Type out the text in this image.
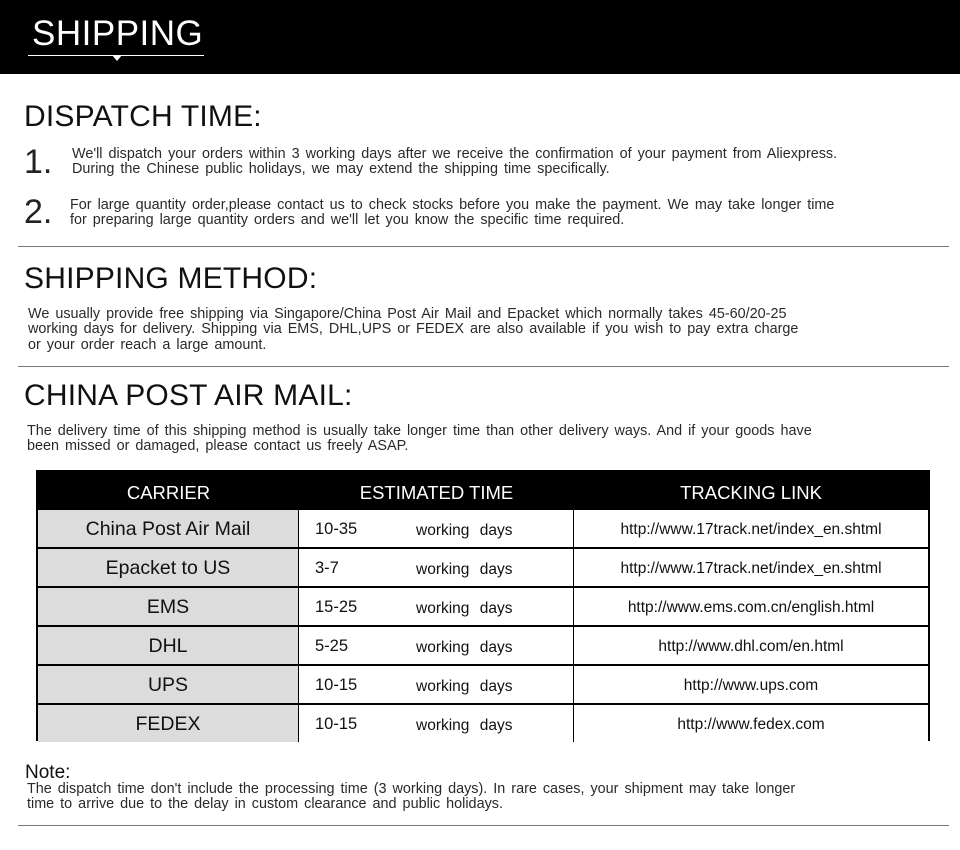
SHIPPING
DISPATCH TIME:
1. We'll dispatch your orders within 3 working days after we receive the confirmation of your payment from Aliexpress.
During the Chinese public holidays, we may extend the shipping time specifically.
2. For large quantity order,please contact us to check stocks before you make the payment. We may take longer time
for preparing large quantity orders and we'll let you know the specific time required.
SHIPPING METHOD:
We usually provide free shipping via Singapore/China Post Air Mail and Epacket which normally takes 45-60/20-25
working days for delivery. Shipping via EMS, DHL,UPS or FEDEX are also available if you wish to pay extra charge
or your order reach a large amount.
CHINA POST AIR MAIL:
The delivery time of this shipping method is usually take longer time than other delivery ways. And if your goods have
been missed or damaged, please contact us freely ASAP.
CARRIER	ESTIMATED TIME	TRACKING LINK
China Post Air Mail	10-35	working days	http://www.17track.net/index_en.shtml
Epacket to US	3-7	working days	http://www.17track.net/index_en.shtml
EMS	15-25	working days	http://www.ems.com.cn/english.html
DHL	5-25	working days	http://www.dhl.com/en.html
UPS	10-15	working days	http://www.ups.com
FEDEX	10-15	working days	http://www.fedex.com
Note:
The dispatch time don't include the processing time (3 working days). In rare cases, your shipment may take longer
time to arrive due to the delay in custom clearance and public holidays.
